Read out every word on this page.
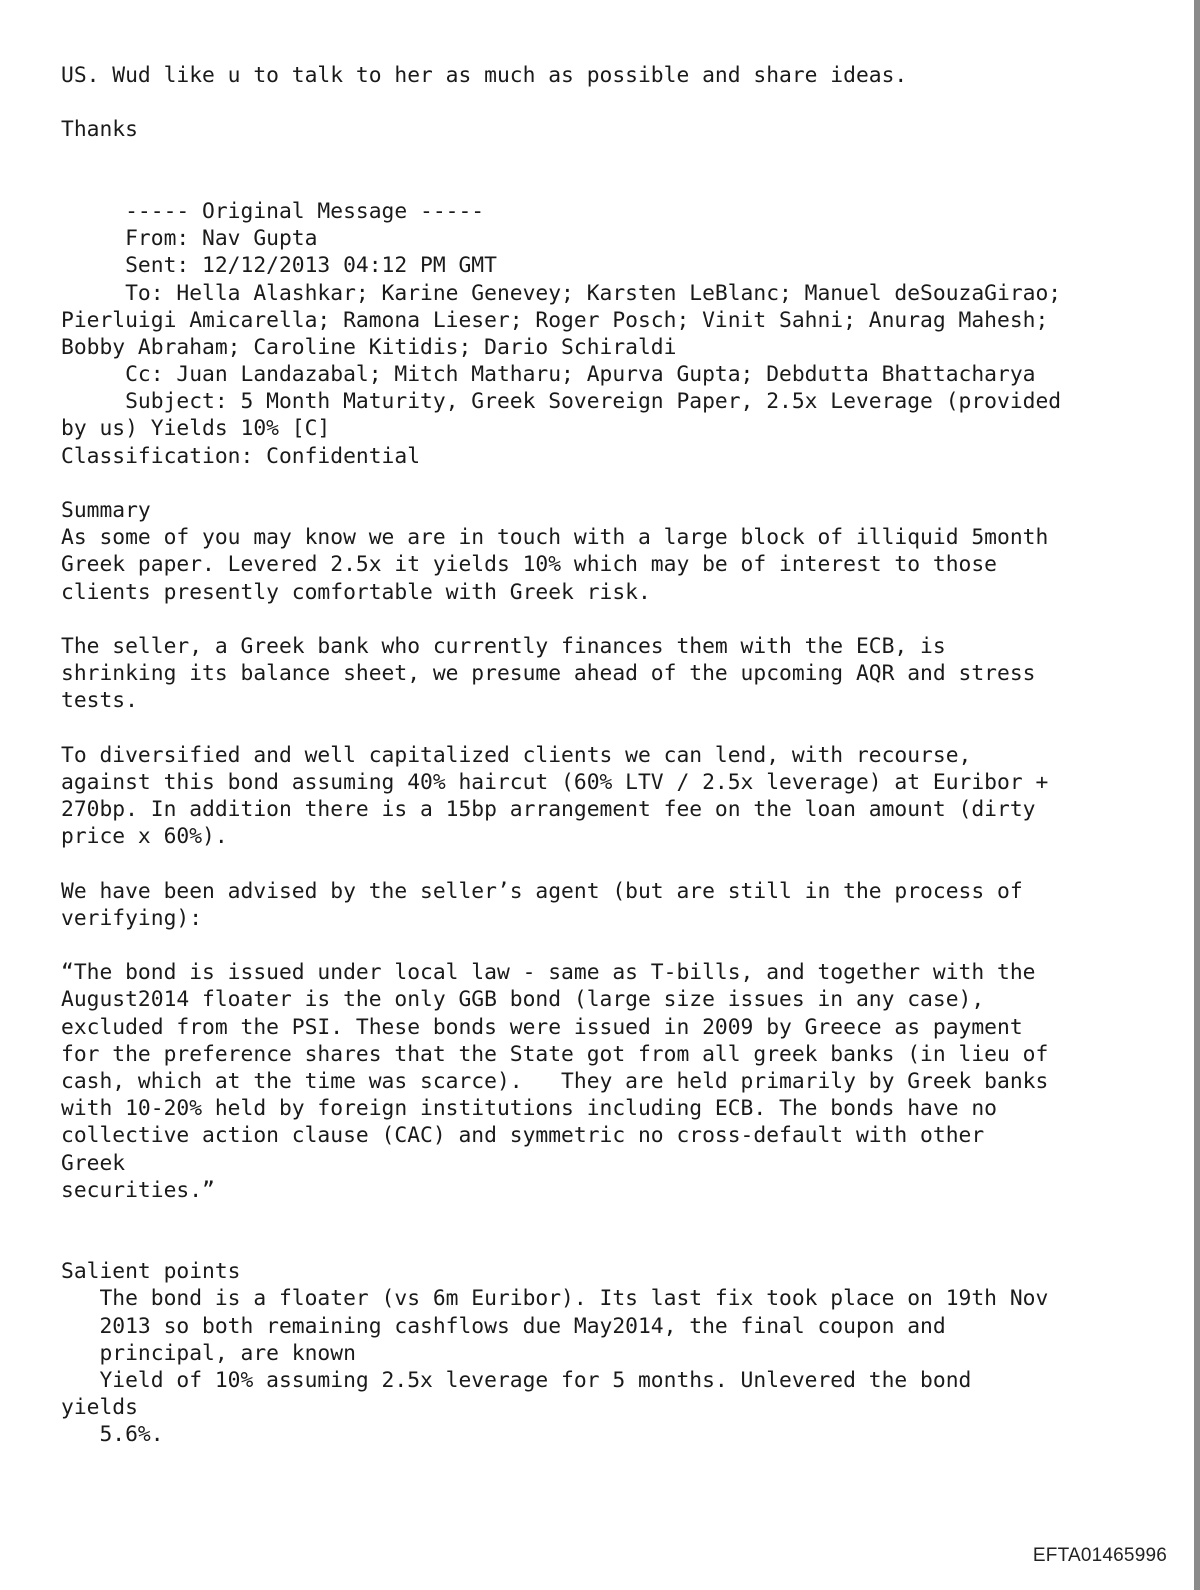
US. Wud like u to talk to her as much as possible and share ideas.
Thanks
----- Original Message -----
From: Nav Gupta
Sent: 12/12/2013 04:12 PM GMT
To: Hella Alashkar; Karine Genevey; Karsten LeBlanc; Manuel deSouzaGirao;
Pierluigi Amicarella; Ramona Lieser; Roger Posch; Vinit Sahni; Anurag Mahesh;
Bobby Abraham; Caroline Kitidis; Dario Schiraldi
Cc: Juan Landazabal; Mitch Matharu; Apurva Gupta; Debdutta Bhattacharya
Subject: 5 Month Maturity, Greek Sovereign Paper, 2.5x Leverage (provided
by us) Yields 10% [C]
Classification: Confidential
Summary
As some of you may know we are in touch with a large block of illiquid 5month
Greek paper. Levered 2.5x it yields 10% which may be of interest to those
clients presently comfortable with Greek risk.
The seller, a Greek bank who currently finances them with the ECB, is
shrinking its balance sheet, we presume ahead of the upcoming AQR and stress
tests.
To diversified and well capitalized clients we can lend, with recourse,
against this bond assuming 40% haircut (60% LTV / 2.5x leverage) at Euribor +
270bp. In addition there is a 15bp arrangement fee on the loan amount (dirty
price x 60%).
We have been advised by the seller’s agent (but are still in the process of
verifying):
“The bond is issued under local law - same as T-bills, and together with the
August2014 floater is the only GGB bond (large size issues in any case),
excluded from the PSI. These bonds were issued in 2009 by Greece as payment
for the preference shares that the State got from all greek banks (in lieu of
cash, which at the time was scarce).   They are held primarily by Greek banks
with 10-20% held by foreign institutions including ECB. The bonds have no
collective action clause (CAC) and symmetric no cross-default with other
Greek
securities.”
Salient points
The bond is a floater (vs 6m Euribor). Its last fix took place on 19th Nov
2013 so both remaining cashflows due May2014, the final coupon and
principal, are known
Yield of 10% assuming 2.5x leverage for 5 months. Unlevered the bond
yields
5.6%.
EFTA01465996
